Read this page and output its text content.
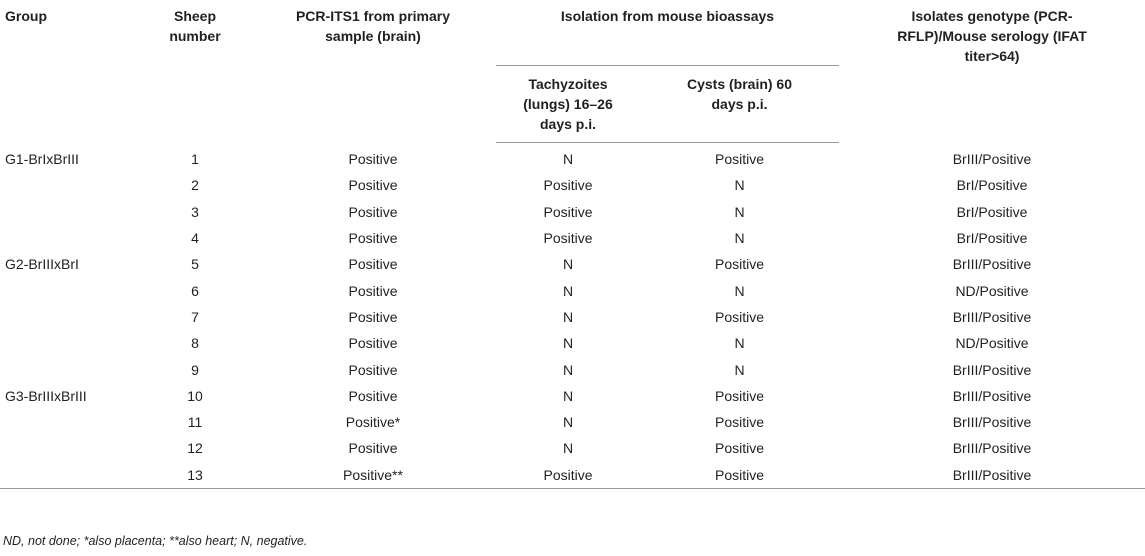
Group	Sheep number	PCR-ITS1 from primary sample (brain)	Isolation from mouse bioassays		Isolates genotype (PCR-RFLP)/Mouse serology (IFAT titer>64)

			Tachyzoites (lungs) 16–26 days p.i.	Cysts (brain) 60 days p.i.	

G1-BrIxBrIII	1	Positive	N	Positive	BrIII/Positive
	2	Positive	Positive	N	BrI/Positive
	3	Positive	Positive	N	BrI/Positive
	4	Positive	Positive	N	BrI/Positive
G2-BrIIIxBrI	5	Positive	N	Positive	BrIII/Positive
	6	Positive	N	N	ND/Positive
	7	Positive	N	Positive	BrIII/Positive
	8	Positive	N	N	ND/Positive
	9	Positive	N	N	BrIII/Positive
G3-BrIIIxBrIII	10	Positive	N	Positive	BrIII/Positive
	11	Positive*	N	Positive	BrIII/Positive
	12	Positive	N	Positive	BrIII/Positive
	13	Positive**	Positive	Positive	BrIII/Positive
ND, not done; *also placenta; **also heart; N, negative.
